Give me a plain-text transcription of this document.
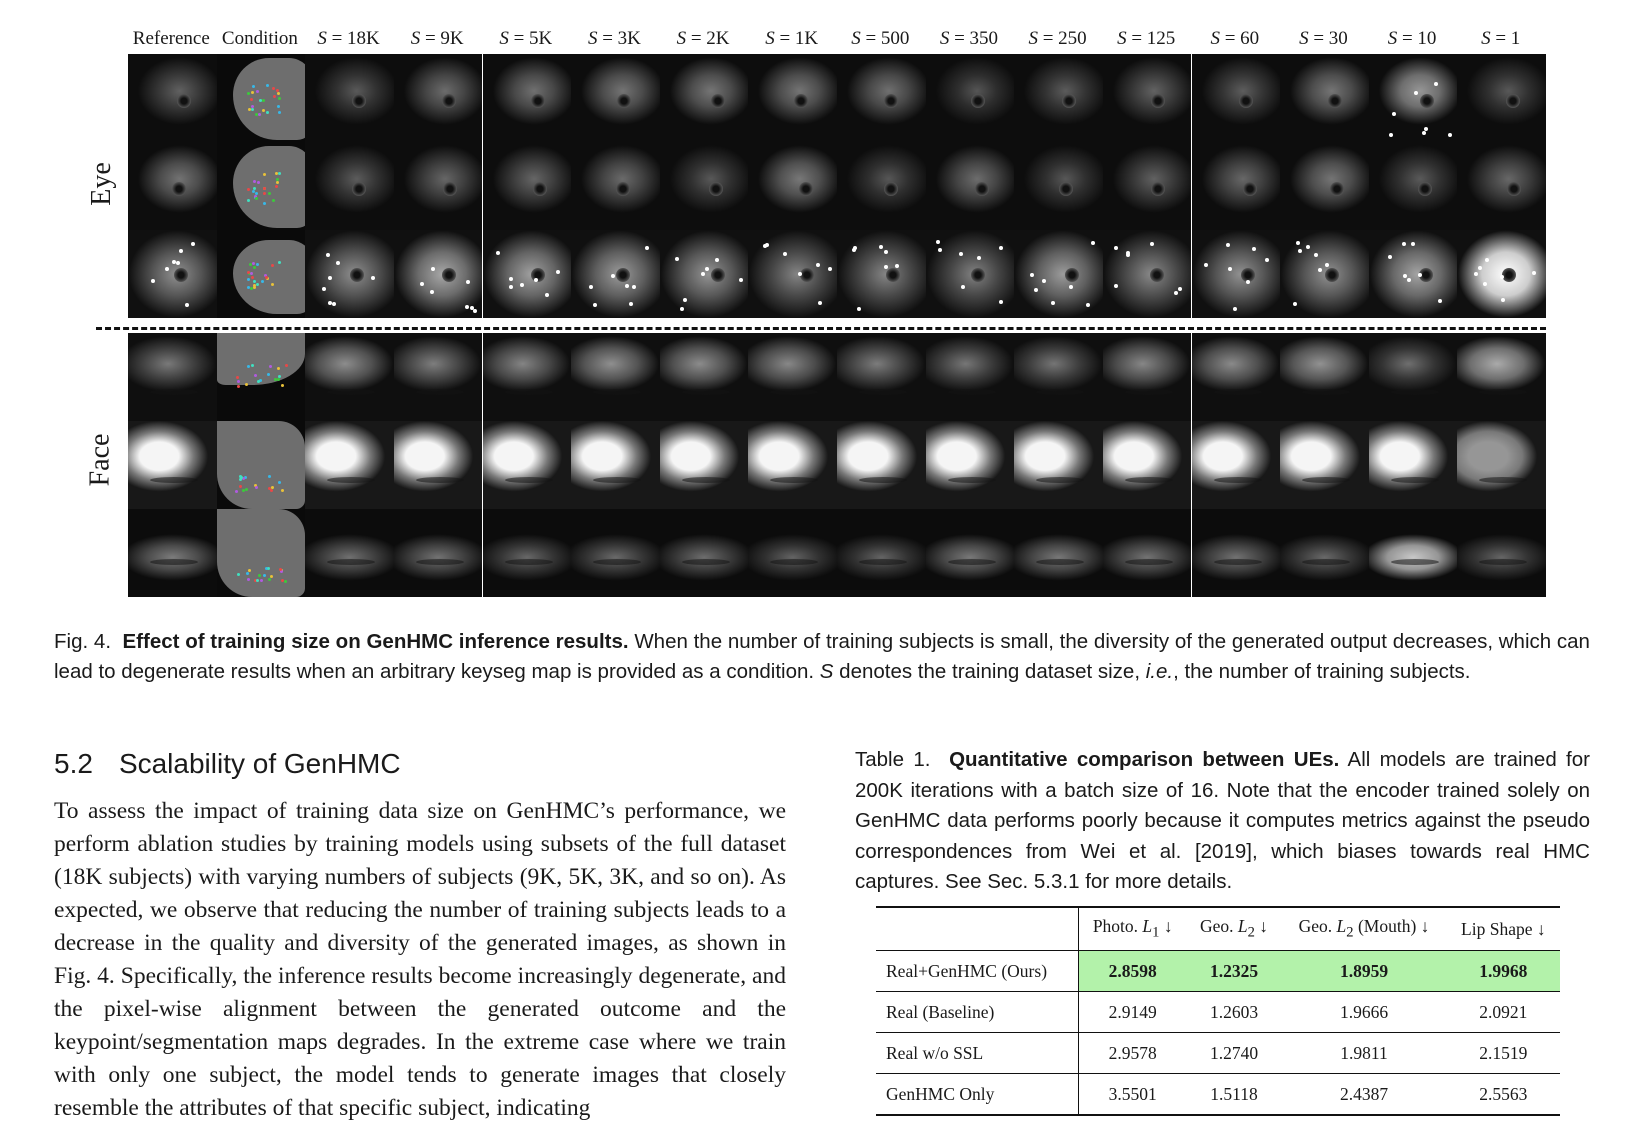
Reference Condition	S = 18K	S = 9K	S = 5K	S = 3K	S = 2K	S = 1K	S = 500	S = 350	S = 250	S = 125	S = 60	S = 30	S = 10	S = 1
Eye
Face
Fig. 4. Effect of training size on GenHMC inference results. When the number of training subjects is small, the diversity of the generated output decreases, which can lead to degenerate results when an arbitrary keyseg map is provided as a condition. S denotes the training dataset size, i.e., the number of training subjects.
5.2 Scalability of GenHMC
To assess the impact of training data size on GenHMC’s performance, we perform ablation studies by training models using subsets of the full dataset (18K subjects) with varying numbers of subjects (9K, 5K, 3K, and so on). As expected, we observe that reducing the number of training subjects leads to a decrease in the quality and diversity of the generated images, as shown in Fig. 4. Specifically, the inference results become increasingly degenerate, and the pixel-wise alignment between the generated outcome and the keypoint/segmentation maps degrades. In the extreme case where we train with only one subject, the model tends to generate images that closely resemble the attributes of that specific subject, indicating
Table 1. Quantitative comparison between UEs. All models are trained for 200K iterations with a batch size of 16. Note that the encoder trained solely on GenHMC data performs poorly because it computes metrics against the pseudo correspondences from Wei et al. [2019], which biases towards real HMC captures. See Sec. 5.3.1 for more details.
	Photo. $L_1$ ↓	Geo. $L_2$ ↓	Geo. $L_2$ (Mouth) ↓	Lip Shape ↓
Real+GenHMC (Ours)	2.8598	1.2325	1.8959	1.9968
Real (Baseline)	2.9149	1.2603	1.9666	2.0921
Real w/o SSL	2.9578	1.2740	1.9811	2.1519
GenHMC Only	3.5501	1.5118	2.4387	2.5563
